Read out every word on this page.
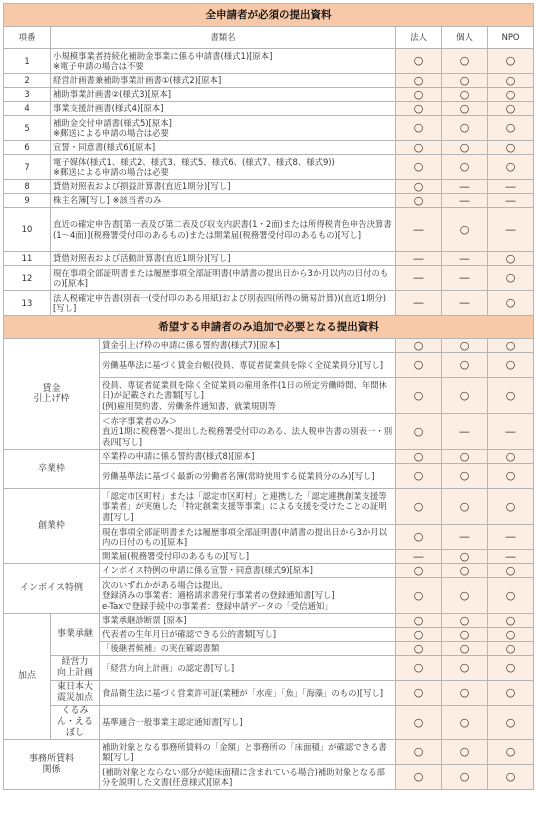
全申請者が必須の提出資料					
項番	書類名		法人	個人	NPO
1	小規模事業者持続化補助金事業に係る申請書(様式1)[原本]
※電子申請の場合は不要		○	○	○
2	経営計画書兼補助事業計画書①(様式2)[原本]		○	○	○
3	補助事業計画書②(様式3)[原本]		○	○	○
4	事業支援計画書(様式4)[原本]		○	○	○
5	補助金交付申請書(様式5)[原本]
※郵送による申請の場合は必要		○	○	○
6	宣誓・同意書(様式6)[原本]		○	○	○
7	電子媒体(様式1、様式2、様式3、様式5、様式6、(様式7、様式8、様式9))
※郵送による申請の場合は必要		○	○	○
8	貸借対照表および損益計算書(直近1期分)[写し]		○	—	—
9	株主名簿[写し] ※該当者のみ		○	—	—
10	直近の確定申告書[第一表及び第二表及び収支内訳書(1・2面)または所得税青色申告決算書(1～4面)](税務署受付印のあるもの)または開業届(税務署受付印のあるもの)[写し]		—	○	—
11	貸借対照表および活動計算書(直近1期分)[写し]		—	—	○
12	現在事項全部証明書または履歴事項全部証明書(申請書の提出日から3か月以内の日付のもの)[原本]		—	—	○
13	法人税確定申告書(別表一(受付印のある用紙)および別表四(所得の簡易計算))(直近1期分)[写し]		—	—	○
希望する申請者のみ追加で必要となる提出資料					
賃金
引上げ枠		賃金引上げ枠の申請に係る誓約書(様式7)[原本]	○	○	○
		労働基準法に基づく賃金台帳(役員、専従者従業員を除く全従業員分)[写し]	○	○	○
		役員、専従者従業員を除く全従業員の雇用条件(1日の所定労働時間、年間休日)が記載された書類[写し]
(例)雇用契約書、労働条件通知書、就業規則等	○	○	○
		＜赤字事業者のみ＞
直近1期に税務署へ提出した税務署受付印のある、法人税申告書の別表一・別表四[写し]	○	—	—
卒業枠		卒業枠の申請に係る誓約書(様式8)[原本]	○	○	○
		労働基準法に基づく最新の労働者名簿(常時使用する従業員分のみ)[写し]	○	○	○
創業枠		「認定市区町村」または「認定市区町村」と連携した「認定連携創業支援等事業者」が実施した「特定創業支援等事業」による支援を受けたことの証明書[写し]	○	○	○
		現在事項全部証明書または履歴事項全部証明書(申請書の提出日から3か月以内の日付のもの)[原本]	○	—	—
		開業届(税務署受付印のあるもの)[写し]	—	○	—
インボイス特例		インボイス特例の申請に係る宣誓・同意書(様式9)[原本]	○	○	○
		次のいずれかがある場合は提出。
登録済みの事業者：適格請求書発行事業者の登録通知書[写し]
e-Taxで登録手続中の事業者：登録申請データの「受信通知」	○	○	○
加点	事業承継	事業承継診断票 [原本]	○	○	○
		代表者の生年月日が確認できる公的書類[写し]	○	○	○
		「後継者候補」の実在確認書類	○	○	○
	経営力
向上計画	「経営力向上計画」の認定書[写し]	○	○	○
	東日本大震災加点	食品衛生法に基づく営業許可証(業種が「水産」「魚」「海藻」のもの)[写し]	○	○	○
	くるみん・えるぼし	基準適合一般事業主認定通知書[写し]	○	○	○
事務所賃料
関係		補助対象となる事務所賃料の「金額」と事務所の「床面積」が確認できる書類[写し]	○	○	○
		(補助対象とならない部分が総床面積に含まれている場合)補助対象となる部分を説明した文書(任意様式)[原本]	○	○	○
